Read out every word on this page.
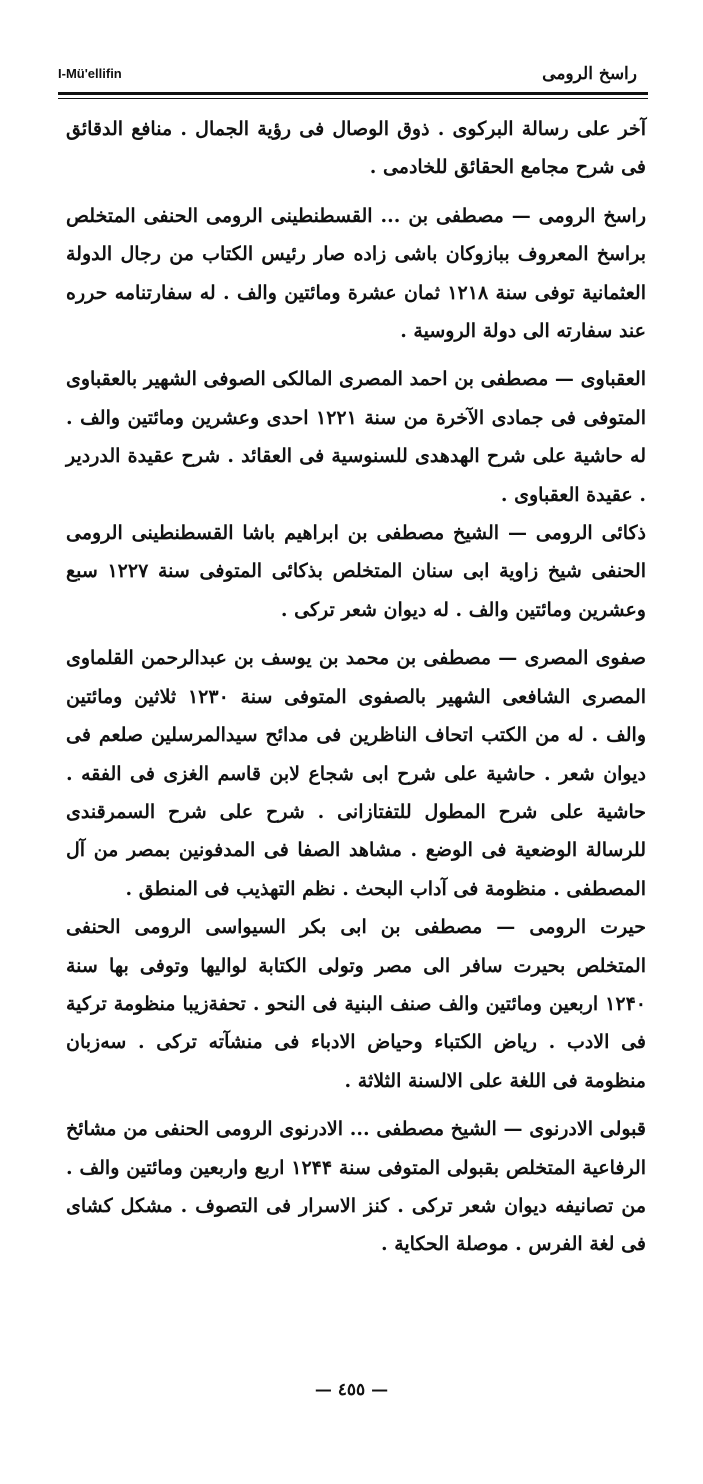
I-Mü'ellifin	راسخ الرومی

آخر علی رسالة البركوی . ذوق الوصال فی رؤیة الجمال . منافع الدقائق فی شرح مجامع الحقائق للخادمی .

راسخ الرومی — مصطفی بن ... القسطنطینی الرومی الحنفی المتخلص براسخ المعروف ببازوكان باشی زاده صار رئیس الكتاب من رجال الدولة العثمانیة توفی سنة ۱۲۱۸ ثمان عشرة ومائتین والف . له سفارتنامه حرره عند سفارته الی دولة الروسیة .

العقباوی — مصطفی بن احمد المصری المالكی الصوفی الشهیر بالعقباوی المتوفی فی جمادی الآخرة من سنة ۱۲۲۱ احدی وعشرین ومائتین والف . له حاشیة علی شرح الهدهدی للسنوسیة فی العقائد . شرح عقیدة الدردیر . عقیدة العقباوی .

ذكائی الرومی — الشیخ مصطفی بن ابراهیم باشا القسطنطینی الرومی الحنفی شیخ زاویة ابی سنان المتخلص بذكائی المتوفی سنة ۱۲۲۷ سبع وعشرین ومائتین والف . له دیوان شعر تركی .

صفوی المصری — مصطفی بن محمد بن یوسف بن عبدالرحمن القلماوی المصری الشافعی الشهیر بالصفوی المتوفی سنة ۱۲۳۰ ثلاثین ومائتین والف . له من الكتب اتحاف الناظرین فی مدائح سیدالمرسلین صلعم فی دیوان شعر . حاشیة علی شرح ابی شجاع لابن قاسم الغزی فی الفقه . حاشیة علی شرح المطول للتفتازانی . شرح علی شرح السمرقندی للرسالة الوضعیة فی الوضع . مشاهد الصفا فی المدفونین بمصر من آل المصطفی . منظومة فی آداب البحث . نظم التهذیب فی المنطق .

حیرت الرومی — مصطفی بن ابی بكر السیواسی الرومی الحنفی المتخلص بحیرت سافر الی مصر وتولی الكتابة لوالیها وتوفی بها سنة ۱۲۴۰ اربعین ومائتین والف صنف البنیة فی النحو . تحفةزیبا منظومة تركیة فی الادب . ریاض الكتباء وحیاض الادباء فی منشآته تركی . سه‌زبان منظومة فی اللغة علی الالسنة الثلاثة .

قبولی الادرنوی — الشیخ مصطفی ... الادرنوی الرومی الحنفی من مشائخ الرفاعیة المتخلص بقبولی المتوفی سنة ۱۲۴۴ اربع واربعین ومائتین والف . من تصانیفه دیوان شعر تركی . كنز الاسرار فی التصوف . مشكل كشای فی لغة الفرس . موصلة الحكایة .

— ٤٥٥ —
